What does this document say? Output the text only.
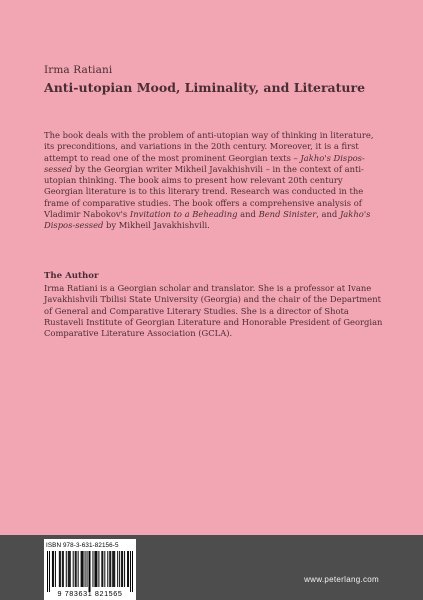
Irma Ratiani
Anti-utopian Mood, Liminality, and Literature

The book deals with the problem of anti-utopian way of thinking in literature, its preconditions, and variations in the 20th century. Moreover, it is a first attempt to read one of the most prominent Georgian texts – Jakho's Dispos-sessed by the Georgian writer Mikheil Javakhishvili – in the context of anti-utopian thinking. The book aims to present how relevant 20th century Georgian literature is to this literary trend. Research was conducted in the frame of comparative studies. The book offers a comprehensive analysis of Vladimir Nabokov's Invitation to a Beheading and Bend Sinister, and Jakho's Dispos-sessed by Mikheil Javakhishvili.

The Author

Irma Ratiani is a Georgian scholar and translator. She is a professor at Ivane Javakhishvili Tbilisi State University (Georgia) and the chair of the Department of General and Comparative Literary Studies. She is a director of Shota Rustaveli Institute of Georgian Literature and Honorable President of Georgian Comparative Literature Association (GCLA).

ISBN 978-3-631-82156-5
9 783631 821565
www.peterlang.com
